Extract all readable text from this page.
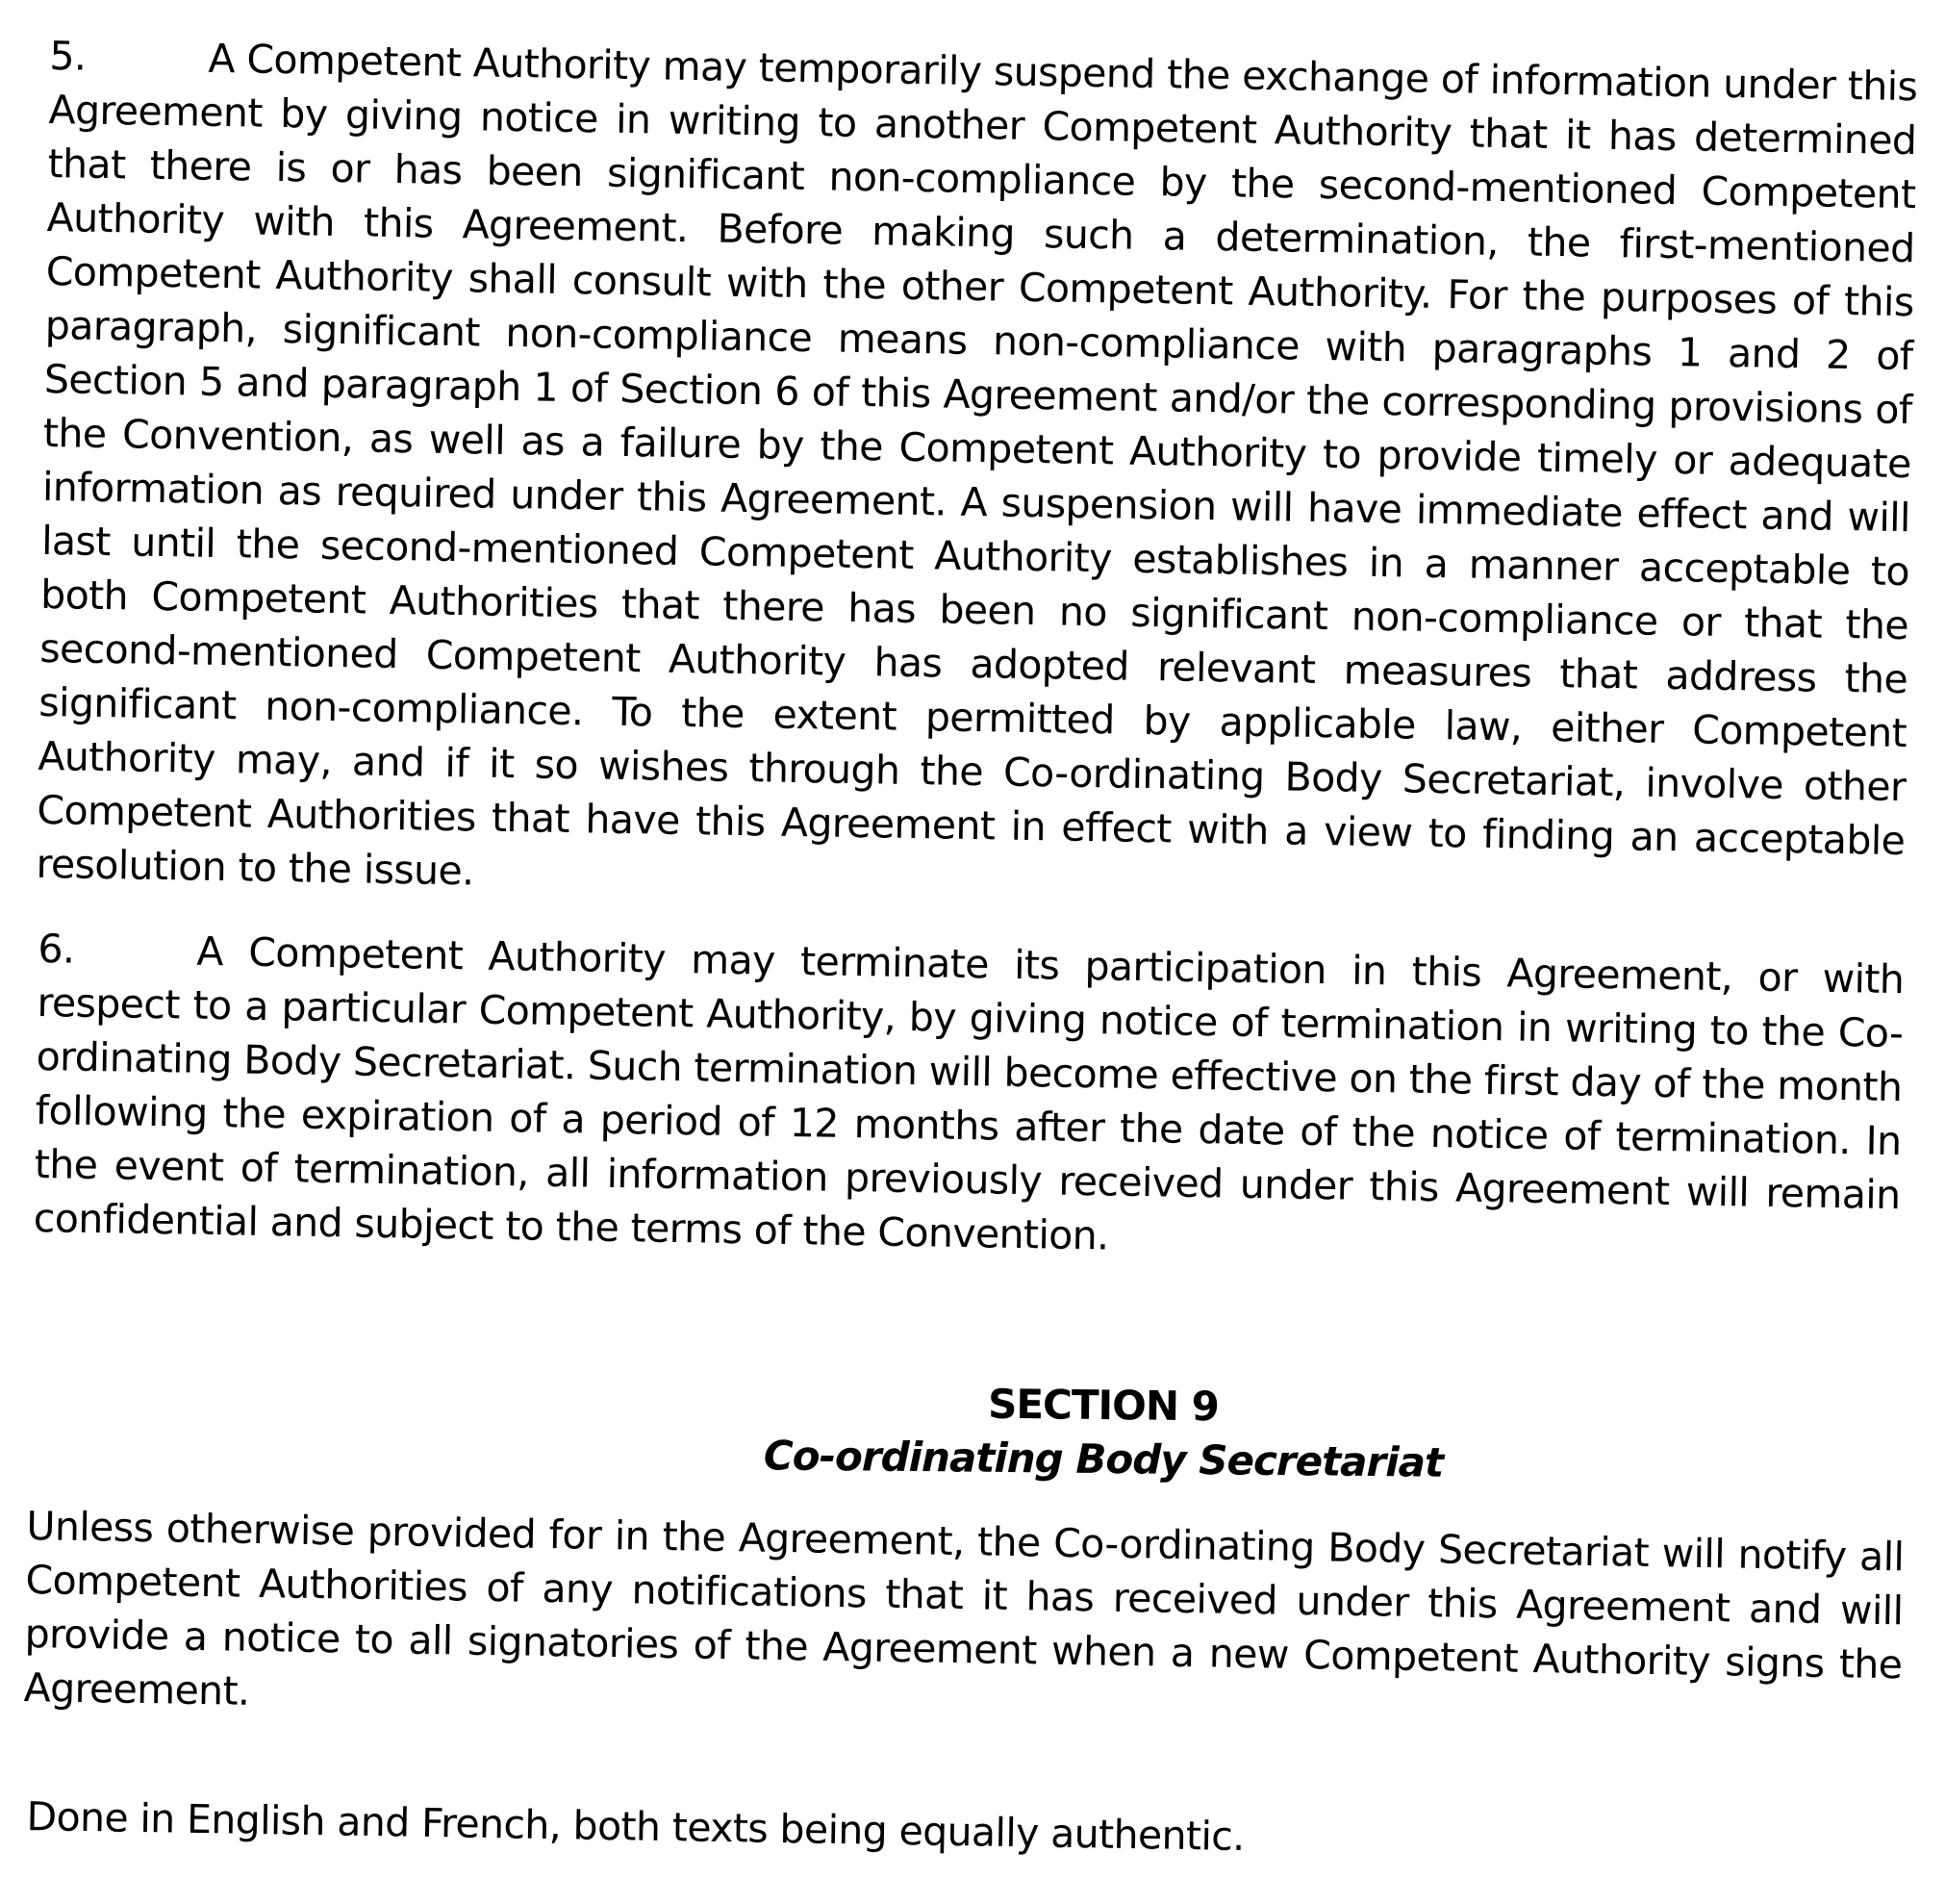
5.	A Competent Authority may temporarily suspend the exchange of information under this Agreement by giving notice in writing to another Competent Authority that it has determined that there is or has been significant non-compliance by the second-mentioned Competent Authority with this Agreement. Before making such a determination, the first-mentioned Competent Authority shall consult with the other Competent Authority. For the purposes of this paragraph, significant non-compliance means non-compliance with paragraphs 1 and 2 of Section 5 and paragraph 1 of Section 6 of this Agreement and/or the corresponding provisions of the Convention, as well as a failure by the Competent Authority to provide timely or adequate information as required under this Agreement. A suspension will have immediate effect and will last until the second-mentioned Competent Authority establishes in a manner acceptable to both Competent Authorities that there has been no significant non-compliance or that the second-mentioned Competent Authority has adopted relevant measures that address the significant non-compliance. To the extent permitted by applicable law, either Competent Authority may, and if it so wishes through the Co-ordinating Body Secretariat, involve other Competent Authorities that have this Agreement in effect with a view to finding an acceptable resolution to the issue.
6.	A Competent Authority may terminate its participation in this Agreement, or with respect to a particular Competent Authority, by giving notice of termination in writing to the Co-ordinating Body Secretariat. Such termination will become effective on the first day of the month following the expiration of a period of 12 months after the date of the notice of termination. In the event of termination, all information previously received under this Agreement will remain confidential and subject to the terms of the Convention.
SECTION 9
Co-ordinating Body Secretariat
Unless otherwise provided for in the Agreement, the Co-ordinating Body Secretariat will notify all Competent Authorities of any notifications that it has received under this Agreement and will provide a notice to all signatories of the Agreement when a new Competent Authority signs the Agreement.
Done in English and French, both texts being equally authentic.
